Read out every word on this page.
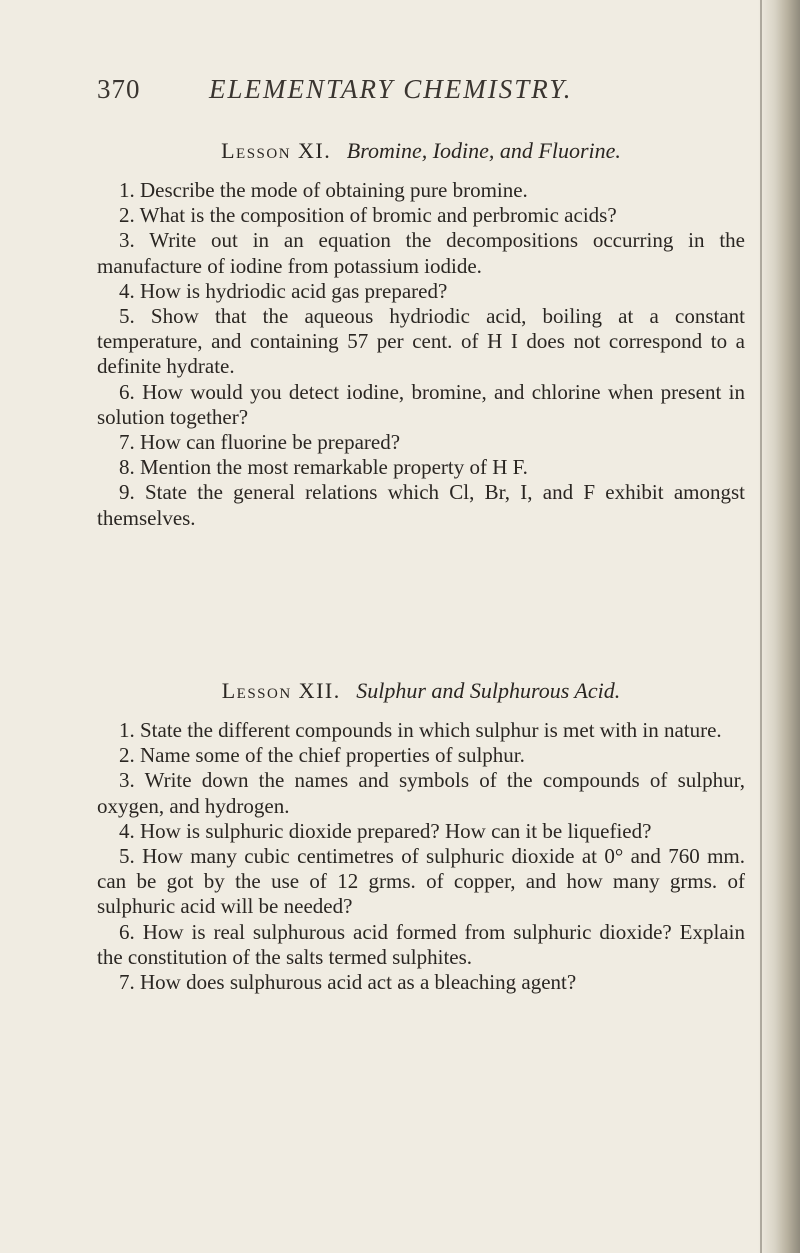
370	ELEMENTARY CHEMISTRY.
Lesson XI. Bromine, Iodine, and Fluorine.

1. Describe the mode of obtaining pure bromine.

2. What is the composition of bromic and perbromic acids?

3. Write out in an equation the decompositions occurring in the manufacture of iodine from potassium iodide.

4. How is hydriodic acid gas prepared?

5. Show that the aqueous hydriodic acid, boiling at a constant temperature, and containing 57 per cent. of H I does not correspond to a definite hydrate.

6. How would you detect iodine, bromine, and chlorine when present in solution together?

7. How can fluorine be prepared?

8. Mention the most remarkable property of H F.

9. State the general relations which Cl, Br, I, and F exhibit amongst themselves.

Lesson XII. Sulphur and Sulphurous Acid.

1. State the different compounds in which sulphur is met with in nature.

2. Name some of the chief properties of sulphur.

3. Write down the names and symbols of the compounds of sulphur, oxygen, and hydrogen.

4. How is sulphuric dioxide prepared? How can it be liquefied?

5. How many cubic centimetres of sulphuric dioxide at 0° and 760 mm. can be got by the use of 12 grms. of copper, and how many grms. of sulphuric acid will be needed?

6. How is real sulphurous acid formed from sulphuric dioxide? Explain the constitution of the salts termed sulphites.

7. How does sulphurous acid act as a bleaching agent?
